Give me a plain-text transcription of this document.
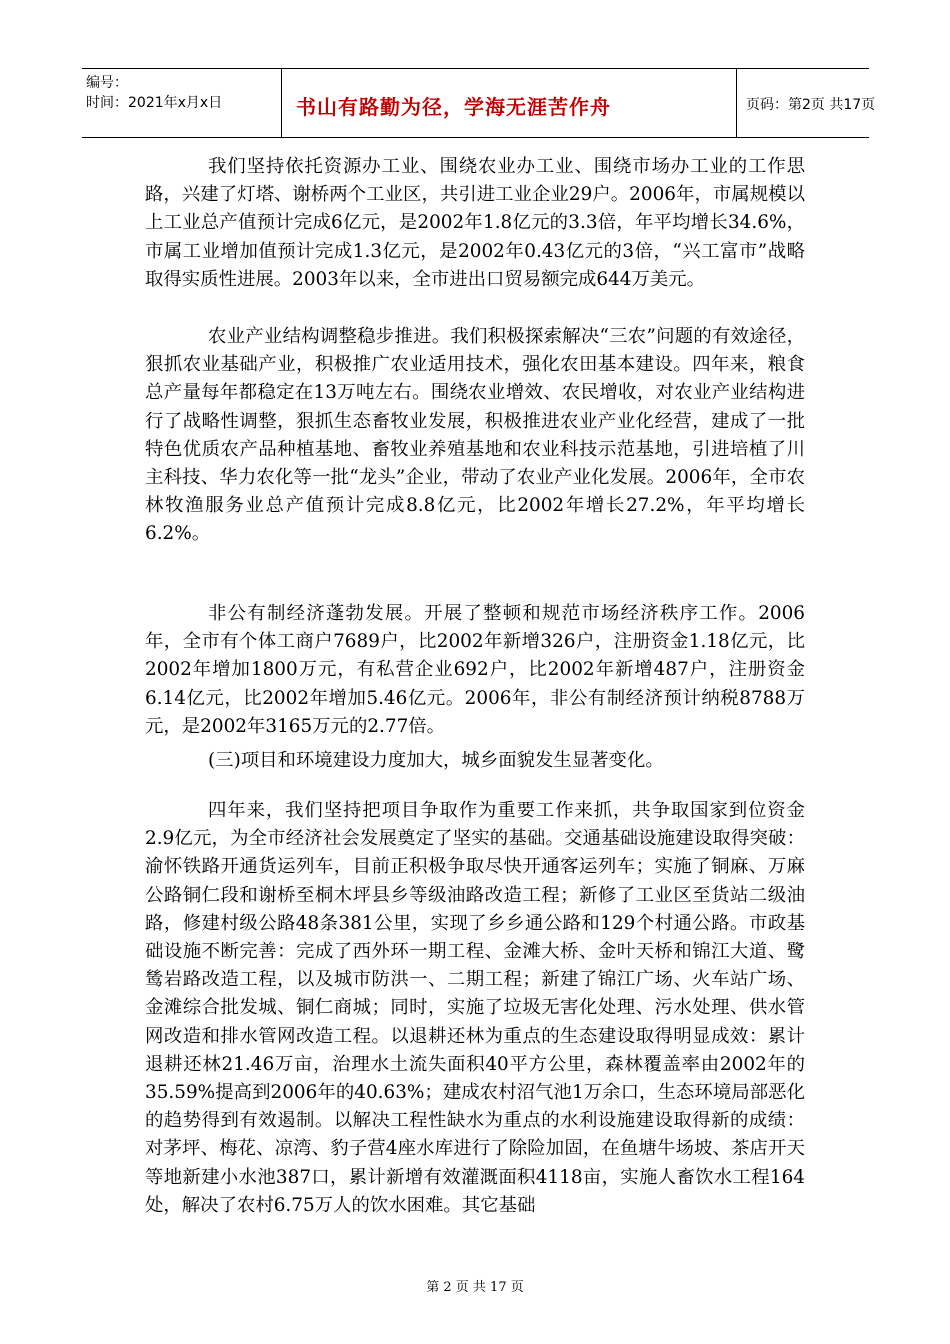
编号：
时间：2021年x月x日	书山有路勤为径，学海无涯苦作舟	页码：第2页 共17页

我们坚持依托资源办工业、围绕农业办工业、围绕市场办工业的工作思路，兴建了灯塔、谢桥两个工业区，共引进工业企业29户。2006年，市属规模以上工业总产值预计完成6亿元，是2002年1.8亿元的3.3倍，年平均增长34.6%，市属工业增加值预计完成1.3亿元，是2002年0.43亿元的3倍，“兴工富市”战略取得实质性进展。2003年以来，全市进出口贸易额完成644万美元。

农业产业结构调整稳步推进。我们积极探索解决“三农”问题的有效途径，狠抓农业基础产业，积极推广农业适用技术，强化农田基本建设。四年来，粮食总产量每年都稳定在13万吨左右。围绕农业增效、农民增收，对农业产业结构进行了战略性调整，狠抓生态畜牧业发展，积极推进农业产业化经营，建成了一批特色优质农产品种植基地、畜牧业养殖基地和农业科技示范基地，引进培植了川主科技、华力农化等一批“龙头”企业，带动了农业产业化发展。2006年，全市农林牧渔服务业总产值预计完成8.8亿元，比2002年增长27.2%，年平均增长6.2%。

非公有制经济蓬勃发展。开展了整顿和规范市场经济秩序工作。2006年，全市有个体工商户7689户，比2002年新增326户，注册资金1.18亿元，比2002年增加1800万元，有私营企业692户，比2002年新增487户，注册资金6.14亿元，比2002年增加5.46亿元。2006年，非公有制经济预计纳税8788万元，是2002年3165万元的2.77倍。

(三)项目和环境建设力度加大，城乡面貌发生显著变化。

四年来，我们坚持把项目争取作为重要工作来抓，共争取国家到位资金2.9亿元，为全市经济社会发展奠定了坚实的基础。交通基础设施建设取得突破：渝怀铁路开通货运列车，目前正积极争取尽快开通客运列车；实施了铜麻、万麻公路铜仁段和谢桥至桐木坪县乡等级油路改造工程；新修了工业区至货站二级油路，修建村级公路48条381公里，实现了乡乡通公路和129个村通公路。市政基础设施不断完善：完成了西外环一期工程、金滩大桥、金叶天桥和锦江大道、鹭鸶岩路改造工程，以及城市防洪一、二期工程；新建了锦江广场、火车站广场、金滩综合批发城、铜仁商城；同时，实施了垃圾无害化处理、污水处理、供水管网改造和排水管网改造工程。以退耕还林为重点的生态建设取得明显成效：累计退耕还林21.46万亩，治理水土流失面积40平方公里，森林覆盖率由2002年的35.59%提高到2006年的40.63%；建成农村沼气池1万余口，生态环境局部恶化的趋势得到有效遏制。以解决工程性缺水为重点的水利设施建设取得新的成绩：对茅坪、梅花、凉湾、豹子营4座水库进行了除险加固，在鱼塘牛场坡、茶店开天等地新建小水池387口，累计新增有效灌溉面积4118亩，实施人畜饮水工程164处，解决了农村6.75万人的饮水困难。其它基础

第 2 页 共 17 页
